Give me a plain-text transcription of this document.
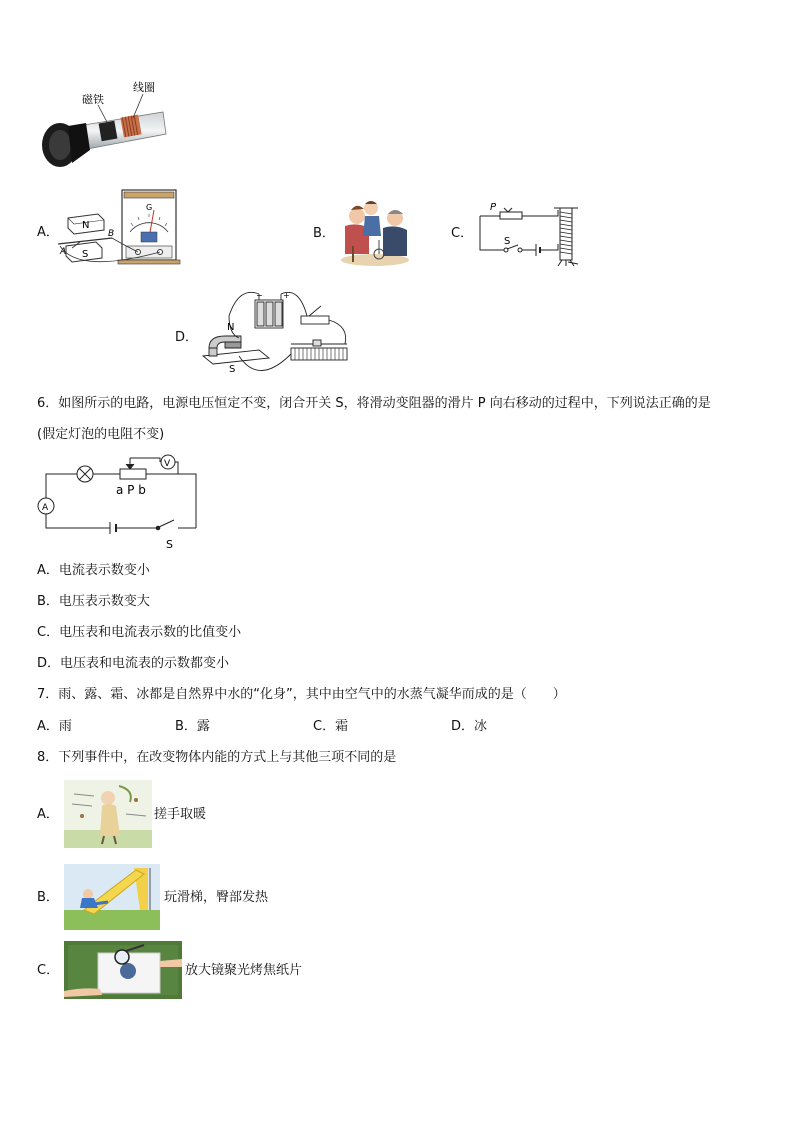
磁铁
线圈
A．
G
N
S
A
B	B．	C．
P
S
D．
−	+
N
S
6．如图所示的电路，电源电压恒定不变，闭合开关 S，将滑动变阻器的滑片 P 向右移动的过程中，下列说法正确的是
(假定灯泡的电阻不变)
A
V
a P b
S
A．电流表示数变小
B．电压表示数变大
C．电压表和电流表示数的比值变小
D．电压表和电流表的示数都变小
7．雨、露、霜、冰都是自然界中水的“化身”，其中由空气中的水蒸气凝华而成的是（　　）
A．雨	B．露	C．霜	D．冰
8．下列事件中，在改变物体内能的方式上与其他三项不同的是
A．	搓手取暖
B．	玩滑梯，臀部发热
C．	放大镜聚光烤焦纸片
